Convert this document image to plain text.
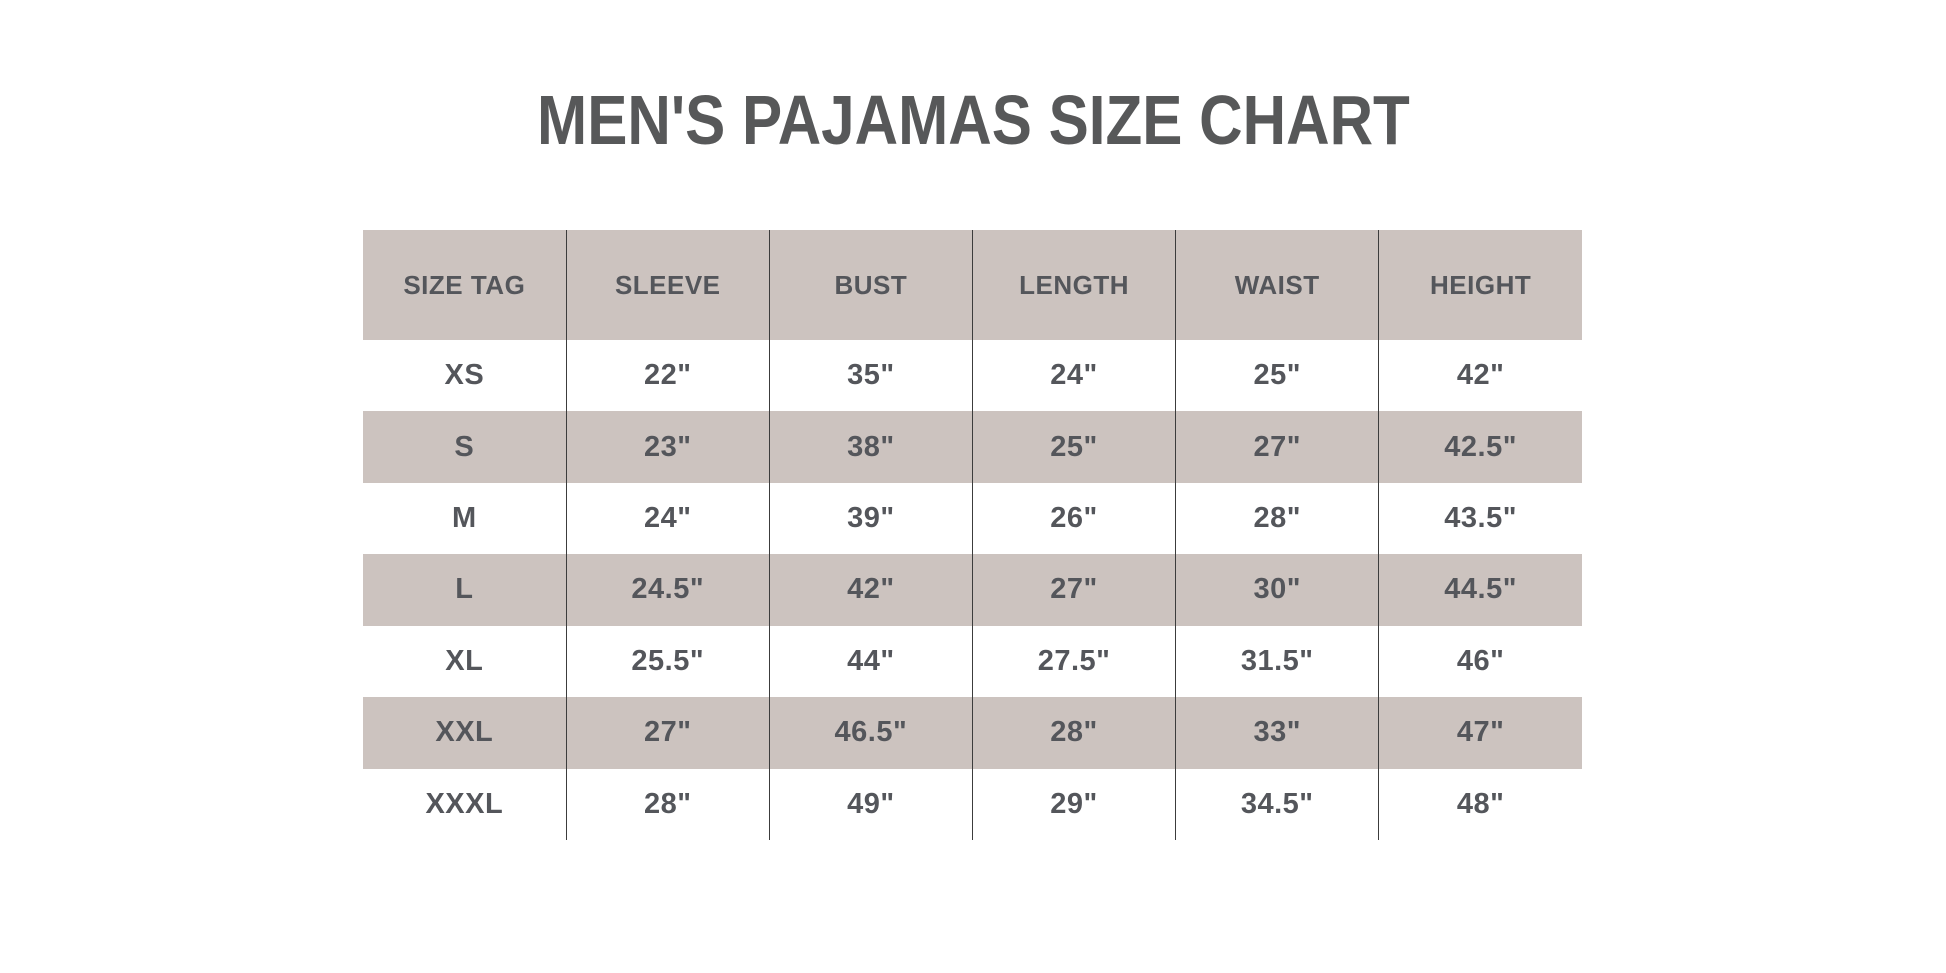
MEN'S PAJAMAS SIZE CHART
SIZE TAG	SLEEVE	BUST	LENGTH	WAIST	HEIGHT
XS	22"	35"	24"	25"	42"
S	23"	38"	25"	27"	42.5"
M	24"	39"	26"	28"	43.5"
L	24.5"	42"	27"	30"	44.5"
XL	25.5"	44"	27.5"	31.5"	46"
XXL	27"	46.5"	28"	33"	47"
XXXL	28"	49"	29"	34.5"	48"
